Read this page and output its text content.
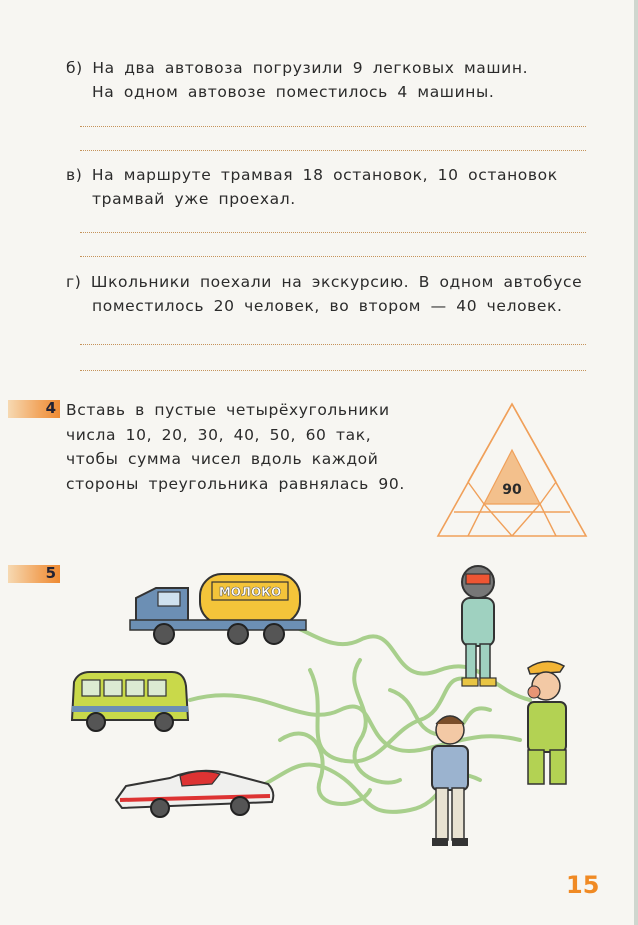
б) На два автовоза погрузили 9 легковых машин.
На одном автовозе поместилось 4 машины.
в) На маршруте трамвая 18 остановок, 10 остановок
трамвай уже проехал.
г) Школьники поехали на экскурсию. В одном автобусе
поместилось 20 человек, во втором — 40 человек.
4 Вставь в пустые четырёхугольники
числа 10, 20, 30, 40, 50, 60 так,
чтобы сумма чисел вдоль каждой
стороны треугольника равнялась 90.	90
5
МОЛОКО
15
